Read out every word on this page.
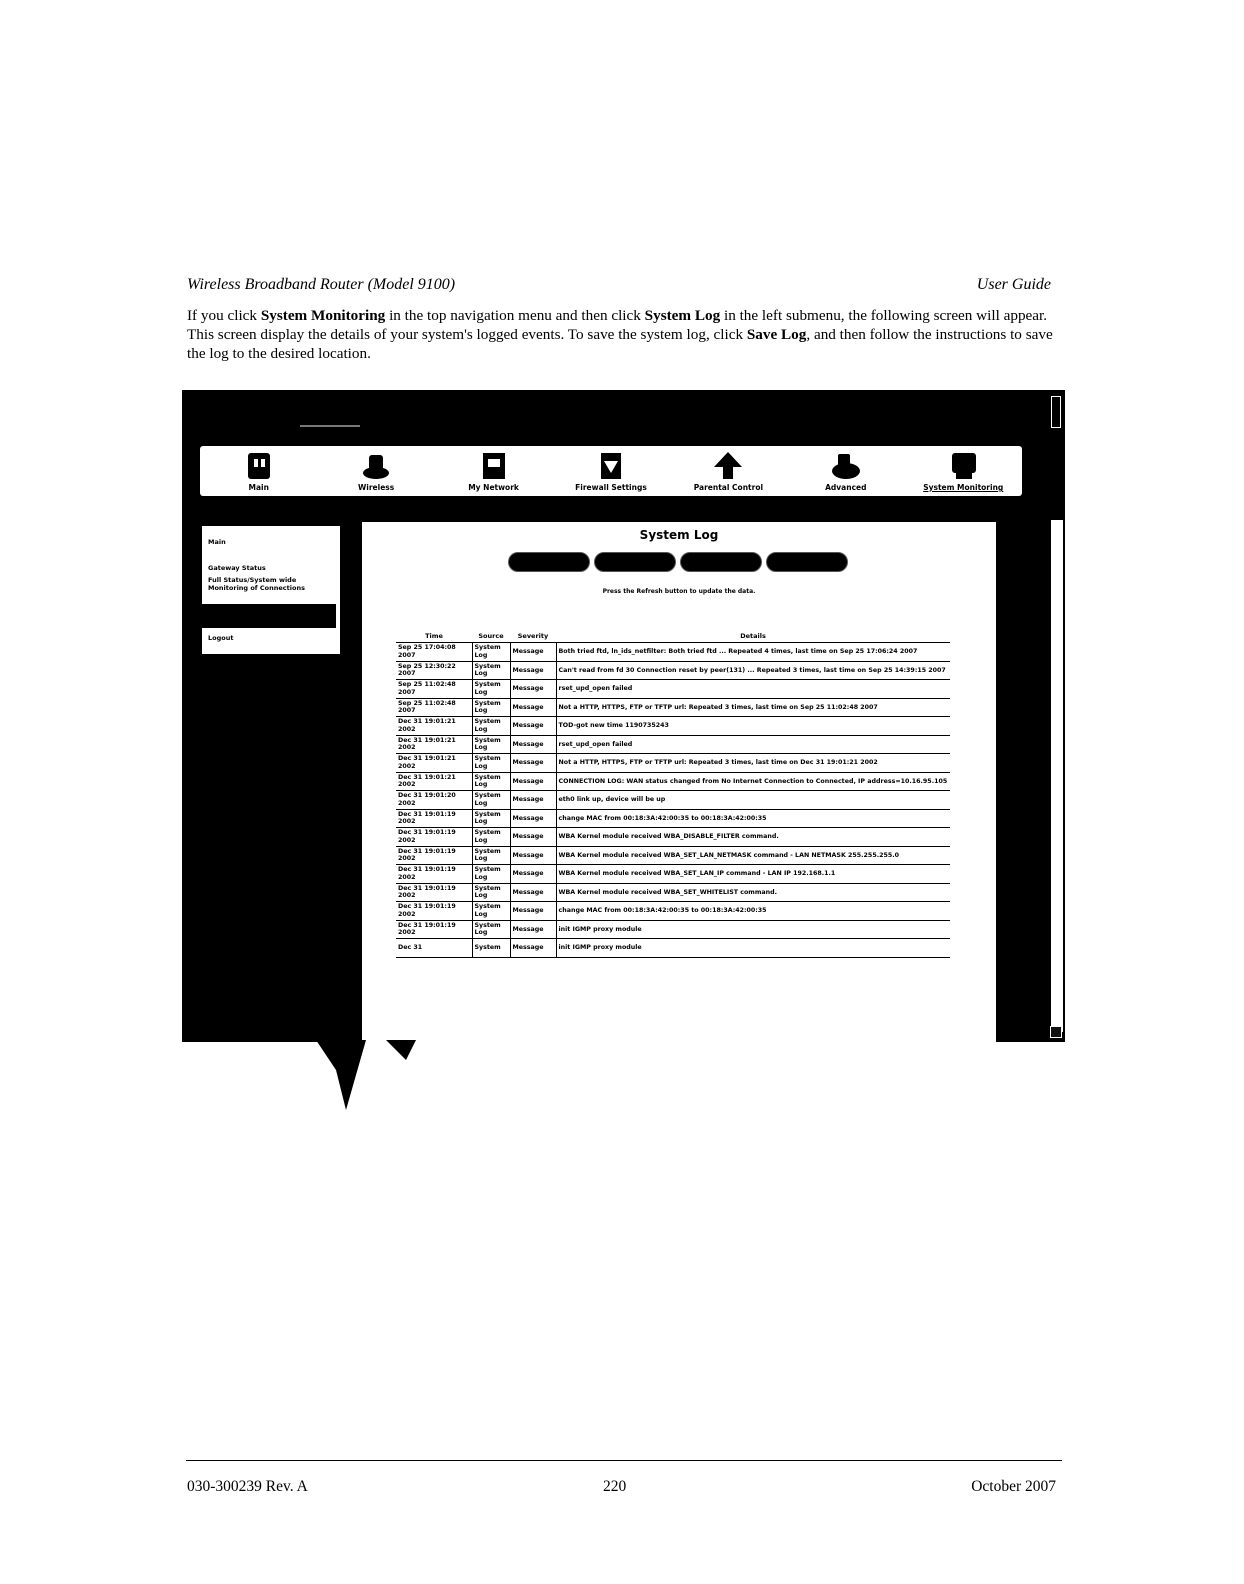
Wireless Broadband Router (Model 9100)	User Guide
If you click System Monitoring in the top navigation menu and then click System Log in the left submenu, the following screen will appear. This screen display the details of your system's logged events. To save the system log, click Save Log, and then follow the instructions to save the log to the desired location.
Main	Wireless	My Network	Firewall Settings	Parental Control	Advanced	System Monitoring
Main
Gateway Status
Full Status/System wide Monitoring of Connections
Logout
System Log
Press the Refresh button to update the data.
Time	Source	Severity	Details
Sep 25 17:04:08 2007	System Log	Message	Both tried ftd, ln_ids_netfilter: Both tried ftd ... Repeated 4 times, last time on Sep 25 17:06:24 2007
Sep 25 12:30:22 2007	System Log	Message	Can't read from fd 30 Connection reset by peer(131) ... Repeated 3 times, last time on Sep 25 14:39:15 2007
Sep 25 11:02:48 2007	System Log	Message	rset_upd_open failed
Sep 25 11:02:48 2007	System Log	Message	Not a HTTP, HTTPS, FTP or TFTP url: Repeated 3 times, last time on Sep 25 11:02:48 2007
Dec 31 19:01:21 2002	System Log	Message	TOD-got new time 1190735243
Dec 31 19:01:21 2002	System Log	Message	rset_upd_open failed
Dec 31 19:01:21 2002	System Log	Message	Not a HTTP, HTTPS, FTP or TFTP url: Repeated 3 times, last time on Dec 31 19:01:21 2002
Dec 31 19:01:21 2002	System Log	Message	CONNECTION LOG: WAN status changed from No Internet Connection to Connected, IP address=10.16.95.105
Dec 31 19:01:20 2002	System Log	Message	eth0 link up, device will be up
Dec 31 19:01:19 2002	System Log	Message	change MAC from 00:18:3A:42:00:35 to 00:18:3A:42:00:35
Dec 31 19:01:19 2002	System Log	Message	WBA Kernel module received WBA_DISABLE_FILTER command.
Dec 31 19:01:19 2002	System Log	Message	WBA Kernel module received WBA_SET_LAN_NETMASK command - LAN NETMASK 255.255.255.0
Dec 31 19:01:19 2002	System Log	Message	WBA Kernel module received WBA_SET_LAN_IP command - LAN IP 192.168.1.1
Dec 31 19:01:19 2002	System Log	Message	WBA Kernel module received WBA_SET_WHITELIST command.
Dec 31 19:01:19 2002	System Log	Message	change MAC from 00:18:3A:42:00:35 to 00:18:3A:42:00:35
Dec 31 19:01:19 2002	System Log	Message	init IGMP proxy module
Dec 31	System	Message	init IGMP proxy module
030-300239 Rev. A	220	October 2007
